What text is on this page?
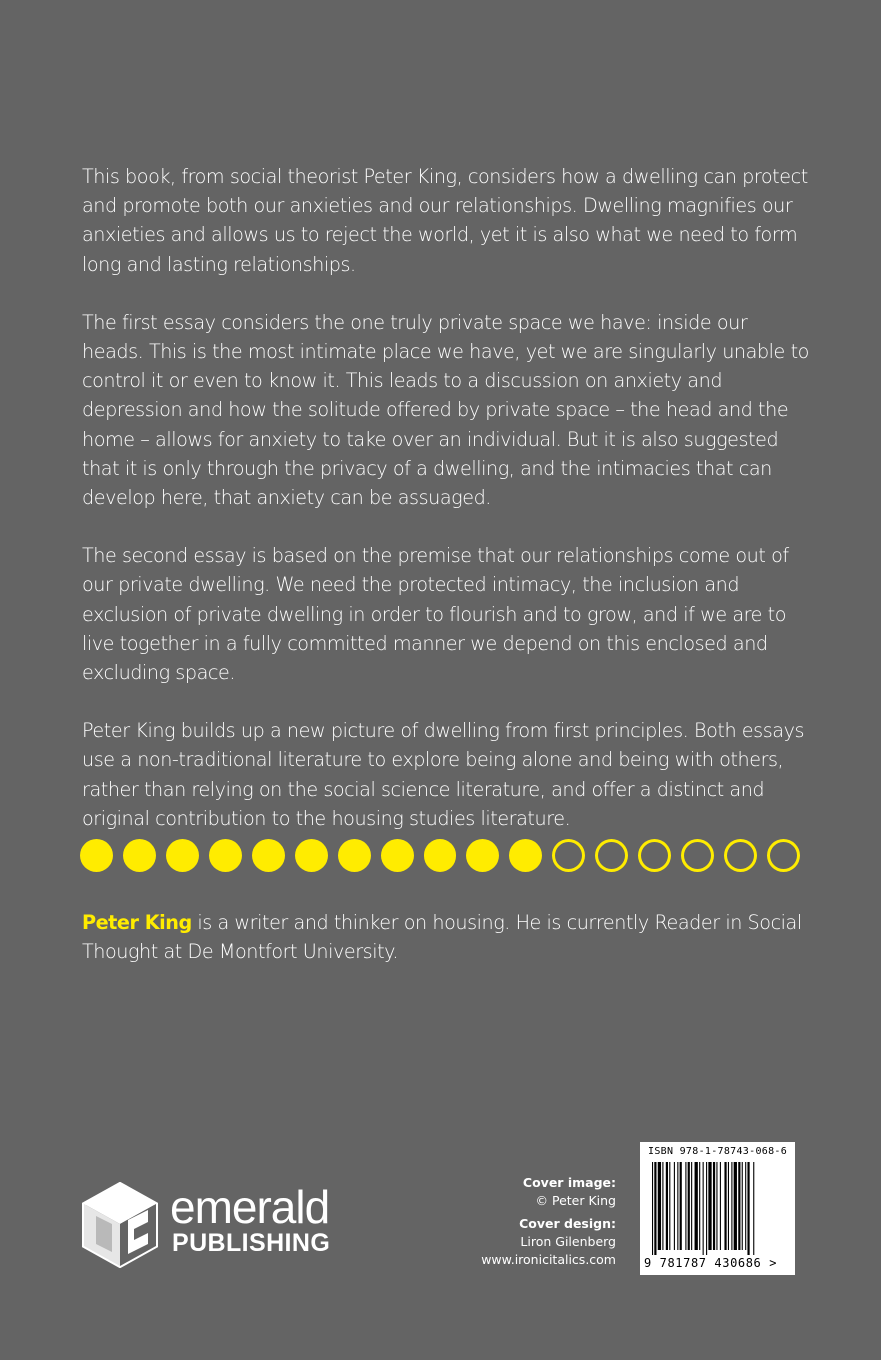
This book, from social theorist Peter King, considers how a dwelling can protect and promote both our anxieties and our relationships. Dwelling magnifies our anxieties and allows us to reject the world, yet it is also what we need to form long and lasting relationships.

The first essay considers the one truly private space we have: inside our heads. This is the most intimate place we have, yet we are singularly unable to control it or even to know it. This leads to a discussion on anxiety and depression and how the solitude offered by private space – the head and the home – allows for anxiety to take over an individual. But it is also suggested that it is only through the privacy of a dwelling, and the intimacies that can develop here, that anxiety can be assuaged.

The second essay is based on the premise that our relationships come out of our private dwelling. We need the protected intimacy, the inclusion and exclusion of private dwelling in order to flourish and to grow, and if we are to live together in a fully committed manner we depend on this enclosed and excluding space.

Peter King builds up a new picture of dwelling from first principles. Both essays use a non-traditional literature to explore being alone and being with others, rather than relying on the social science literature, and offer a distinct and original contribution to the housing studies literature.

Peter King is a writer and thinker on housing. He is currently Reader in Social Thought at De Montfort University.
emerald
PUBLISHING
Cover image:
© Peter King
Cover design:
Liron Gilenberg
www.ironicitalics.com
ISBN 978-1-78743-068-6
9 781787 430686 >
